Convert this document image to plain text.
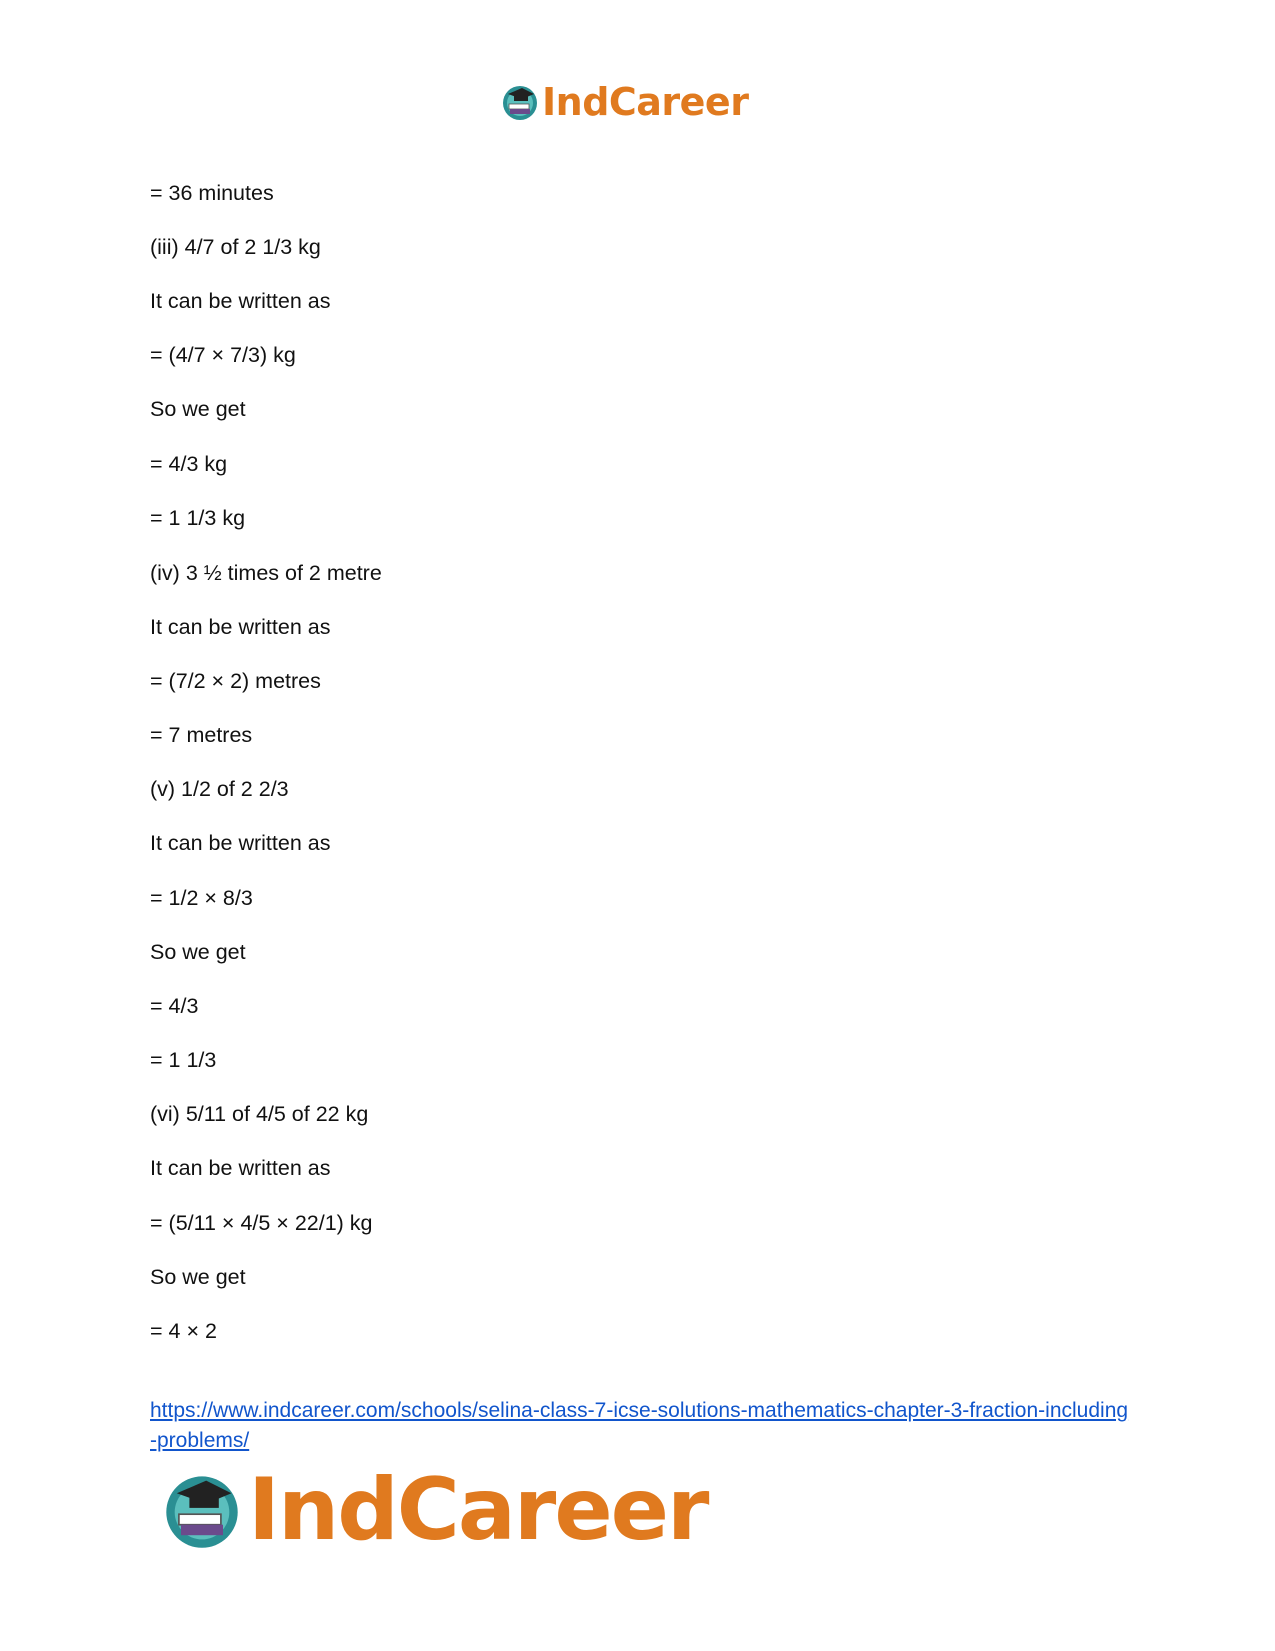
IndCareer
= 36 minutes
(iii) 4/7 of 2 1/3 kg
It can be written as
= (4/7 × 7/3) kg
So we get
= 4/3 kg
= 1 1/3 kg
(iv) 3 ½ times of 2 metre
It can be written as
= (7/2 × 2) metres
= 7 metres
(v) 1/2 of 2 2/3
It can be written as
= 1/2 × 8/3
So we get
= 4/3
= 1 1/3
(vi) 5/11 of 4/5 of 22 kg
It can be written as
= (5/11 × 4/5 × 22/1) kg
So we get
= 4 × 2
https://www.indcareer.com/schools/selina-class-7-icse-solutions-mathematics-chapter-3-fraction-including-problems/
IndCareer
